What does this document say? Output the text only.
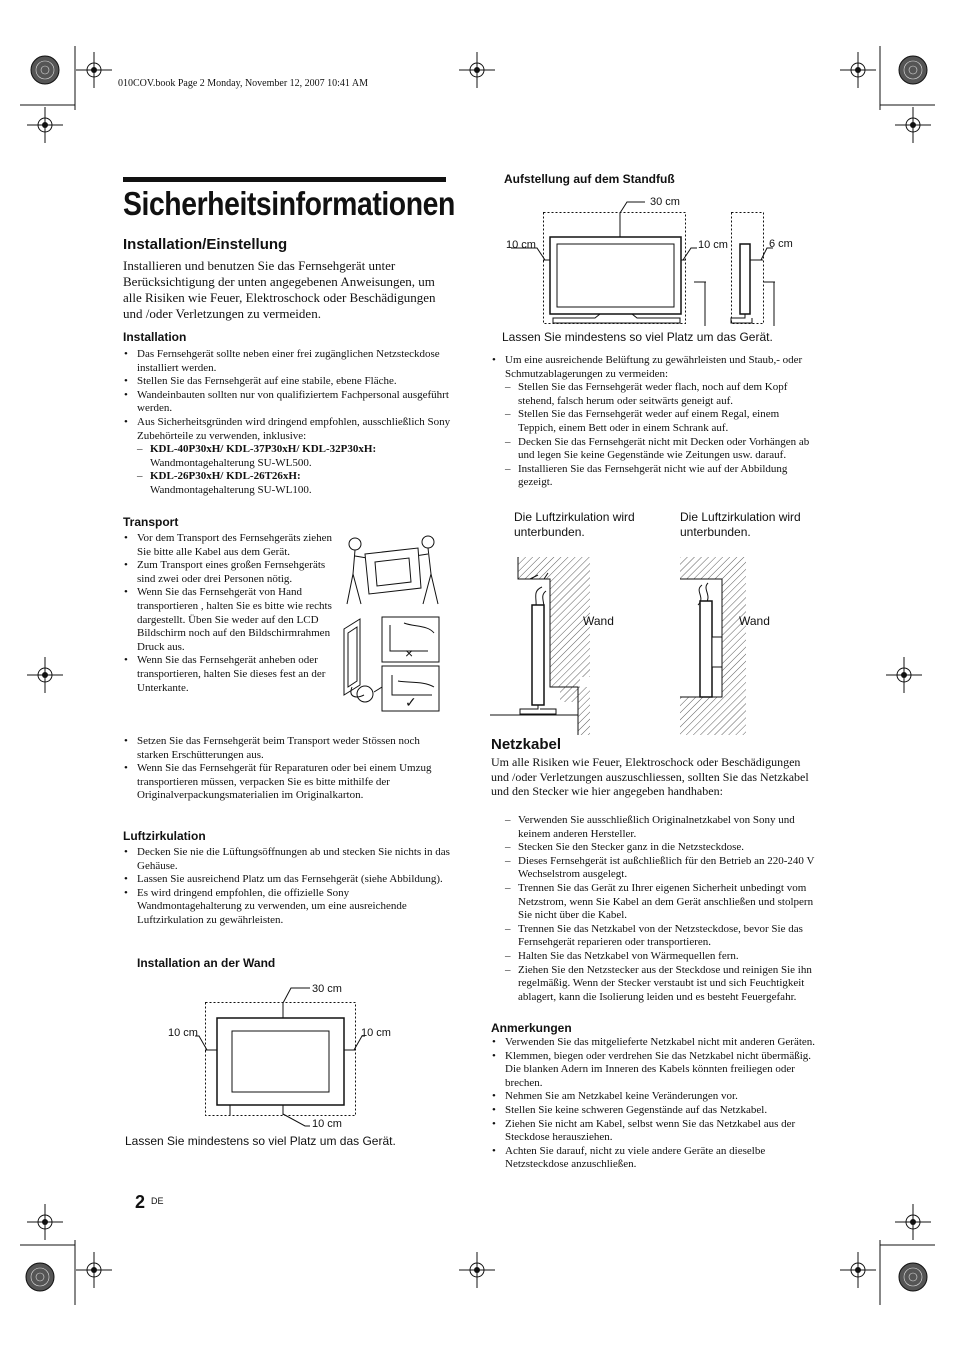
010COV.book Page 2 Monday, November 12, 2007 10:41 AM
Sicherheitsinformationen
Installation/Einstellung
Installieren und benutzen Sie das Fernsehgerät unter Berücksichtigung der unten angegebenen Anweisungen, um alle Risiken wie Feuer, Elektroschock oder Beschädigungen und /oder Verletzungen zu vermeiden.
Installation
• Das Fernsehgerät sollte neben einer frei zugänglichen Netzsteckdose installiert werden.
• Stellen Sie das Fernsehgerät auf eine stabile, ebene Fläche.
• Wandeinbauten sollten nur von qualifiziertem Fachpersonal ausgeführt werden.
• Aus Sicherheitsgründen wird dringend empfohlen, ausschließlich Sony Zubehörteile zu verwenden, inklusive:
– KDL-40P30xH/ KDL-37P30xH/ KDL-32P30xH:
Wandmontagehalterung SU-WL500.
– KDL-26P30xH/ KDL-26T26xH:
Wandmontagehalterung SU-WL100.
Transport
• Vor dem Transport des Fernsehgeräts ziehen Sie bitte alle Kabel aus dem Gerät.
• Zum Transport eines großen Fernsehgeräts sind zwei oder drei Personen nötig.
• Wenn Sie das Fernsehgerät von Hand transportieren , halten Sie es bitte wie rechts dargestellt. Üben Sie weder auf den LCD Bildschirm noch auf den Bildschirmrahmen Druck aus.
• Wenn Sie das Fernsehgerät anheben oder transportieren, halten Sie dieses fest an der Unterkante.
• Setzen Sie das Fernsehgerät beim Transport weder Stössen noch starken Erschütterungen aus.
• Wenn Sie das Fernsehgerät für Reparaturen oder bei einem Umzug transportieren müssen, verpacken Sie es bitte mithilfe der Originalverpackungsmaterialien im Originalkarton.
×
✓
Luftzirkulation
• Decken Sie nie die Lüftungsöffnungen ab und stecken Sie nichts in das Gehäuse.
• Lassen Sie ausreichend Platz um das Fernsehgerät (siehe Abbildung).
• Es wird dringend empfohlen, die offizielle Sony Wandmontagehalterung zu verwenden, um eine ausreichende Luftzirkulation zu gewährleisten.
Installation an der Wand
30 cm
10 cm	10 cm
10 cm
Lassen Sie mindestens so viel Platz um das Gerät.
Aufstellung auf dem Standfuß
30 cm
10 cm	10 cm	6 cm
Lassen Sie mindestens so viel Platz um das Gerät.
• Um eine ausreichende Belüftung zu gewährleisten und Staub,- oder Schmutzablagerungen zu vermeiden:
– Stellen Sie das Fernsehgerät weder flach, noch auf dem Kopf stehend, falsch herum oder seitwärts geneigt auf.
– Stellen Sie das Fernsehgerät weder auf einem Regal, einem Teppich, einem Bett oder in einem Schrank auf.
– Decken Sie das Fernsehgerät nicht mit Decken oder Vorhängen ab und legen Sie keine Gegenstände wie Zeitungen usw. darauf.
– Installieren Sie das Fernsehgerät nicht wie auf der Abbildung gezeigt.
Die Luftzirkulation wird unterbunden.
Die Luftzirkulation wird unterbunden.
Wand	Wand
Netzkabel
Um alle Risiken wie Feuer, Elektroschock oder Beschädigungen und /oder Verletzungen auszuschliessen, sollten Sie das Netzkabel und den Stecker wie hier angegeben handhaben:
– Verwenden Sie ausschließlich Originalnetzkabel von Sony und keinem anderen Hersteller.
– Stecken Sie den Stecker ganz in die Netzsteckdose.
– Dieses Fernsehgerät ist außchließlich für den Betrieb an 220-240 V Wechselstrom ausgelegt.
– Trennen Sie das Gerät zu Ihrer eigenen Sicherheit unbedingt vom Netzstrom, wenn Sie Kabel an dem Gerät anschließen und stolpern Sie nicht über die Kabel.
– Trennen Sie das Netzkabel von der Netzsteckdose, bevor Sie das Fernsehgerät reparieren oder transportieren.
– Halten Sie das Netzkabel von Wärmequellen fern.
– Ziehen Sie den Netzstecker aus der Steckdose und reinigen Sie ihn regelmäßig. Wenn der Stecker verstaubt ist und sich Feuchtigkeit ablagert, kann die Isolierung leiden und es besteht Feuergefahr.
Anmerkungen
• Verwenden Sie das mitgelieferte Netzkabel nicht mit anderen Geräten.
• Klemmen, biegen oder verdrehen Sie das Netzkabel nicht übermäßig. Die blanken Adern im Inneren des Kabels könnten freiliegen oder brechen.
• Nehmen Sie am Netzkabel keine Veränderungen vor.
• Stellen Sie keine schweren Gegenstände auf das Netzkabel.
• Ziehen Sie nicht am Kabel, selbst wenn Sie das Netzkabel aus der Steckdose herausziehen.
• Achten Sie darauf, nicht zu viele andere Geräte an dieselbe Netzsteckdose anzuschließen.
2 DE
